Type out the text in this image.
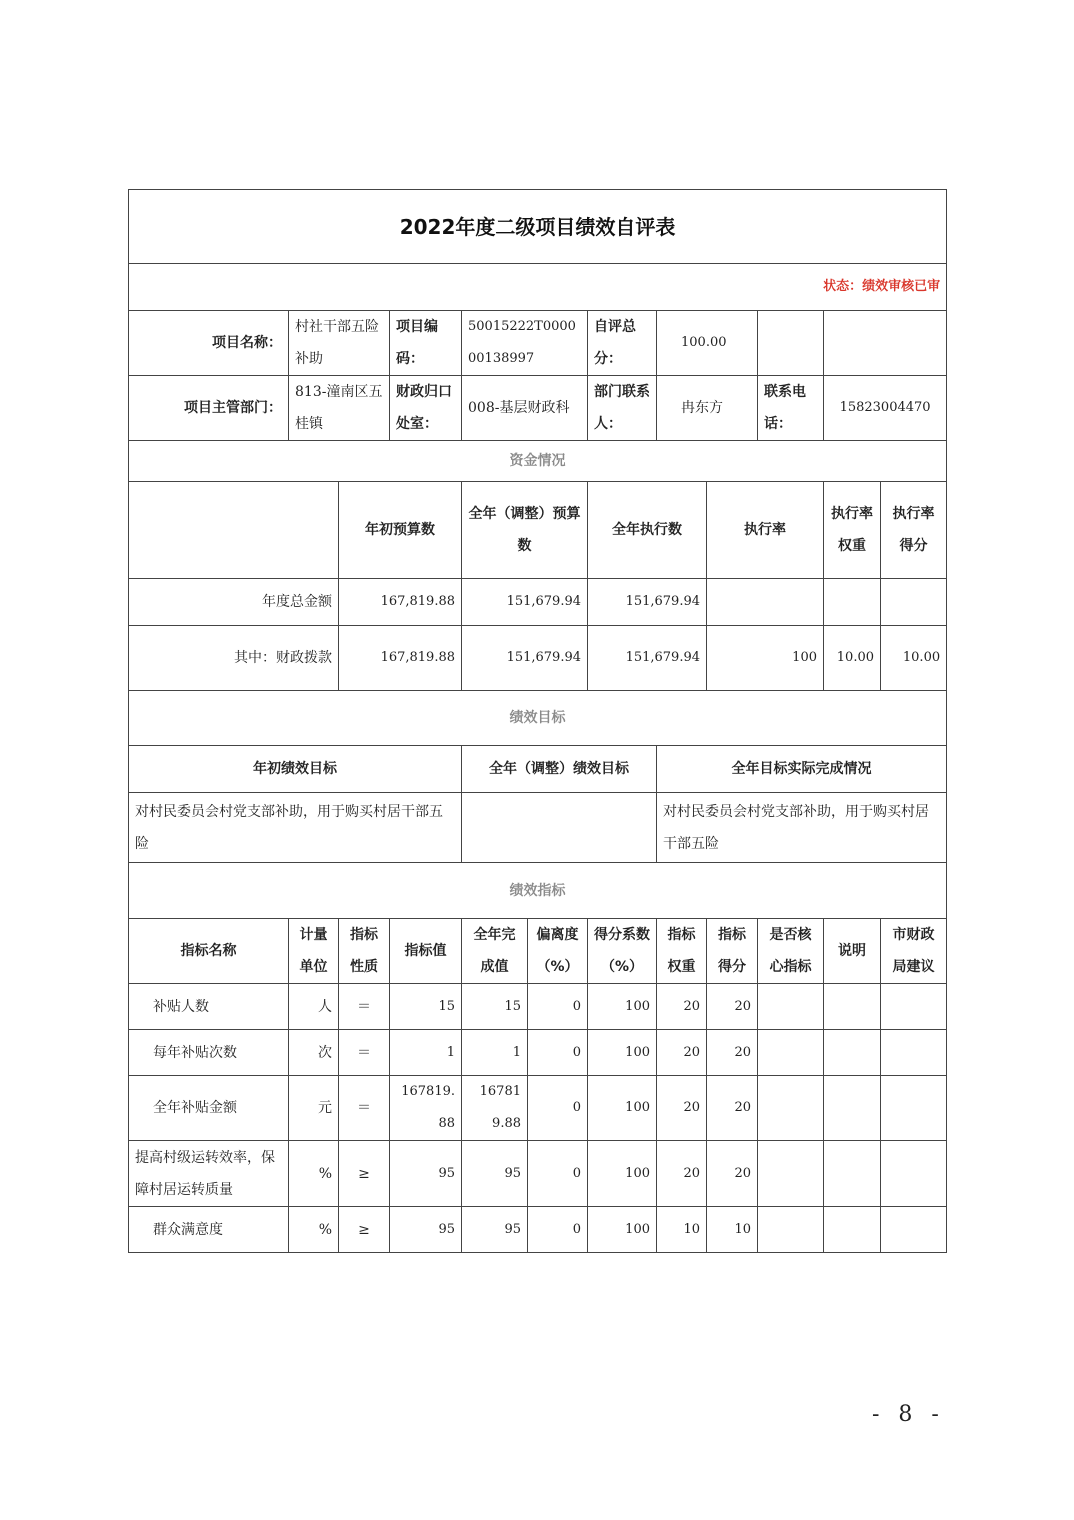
2022年度二级项目绩效自评表											
状态：绩效审核已审											
项目名称：	村社干部五险补助		项目编码：	50015222T000000138997		自评总分：	100.00				
项目主管部门：	813-潼南区五桂镇		财政归口处室：	008-基层财政科		部门联系人：	冉东方		联系电话：	15823004470	
资金情况											
		年初预算数		全年（调整）预算数		全年执行数		执行率		执行率权重	执行率得分
年度总金额		167,819.88		151,679.94		151,679.94					
其中：财政拨款		167,819.88		151,679.94		151,679.94		100		10.00	10.00
绩效目标											
年初绩效目标				全年（调整）绩效目标			全年目标实际完成情况				
对村民委员会村党支部补助，用于购买村居干部五险							对村民委员会村党支部补助，用于购买村居干部五险				
绩效指标											
指标名称	计量单位	指标性质	指标值	全年完成值	偏离度（%）	得分系数（%）	指标权重	指标得分	是否核心指标	说明	市财政局建议
补贴人数	人	＝	15	15	0	100	20	20			
每年补贴次数	次	＝	1	1	0	100	20	20			
全年补贴金额	元	＝	167819.88	167819.88	0	100	20	20			
提高村级运转效率，保障村居运转质量	%	≥	95	95	0	100	20	20			
群众满意度	%	≥	95	95	0	100	10	10			
- 8 -
